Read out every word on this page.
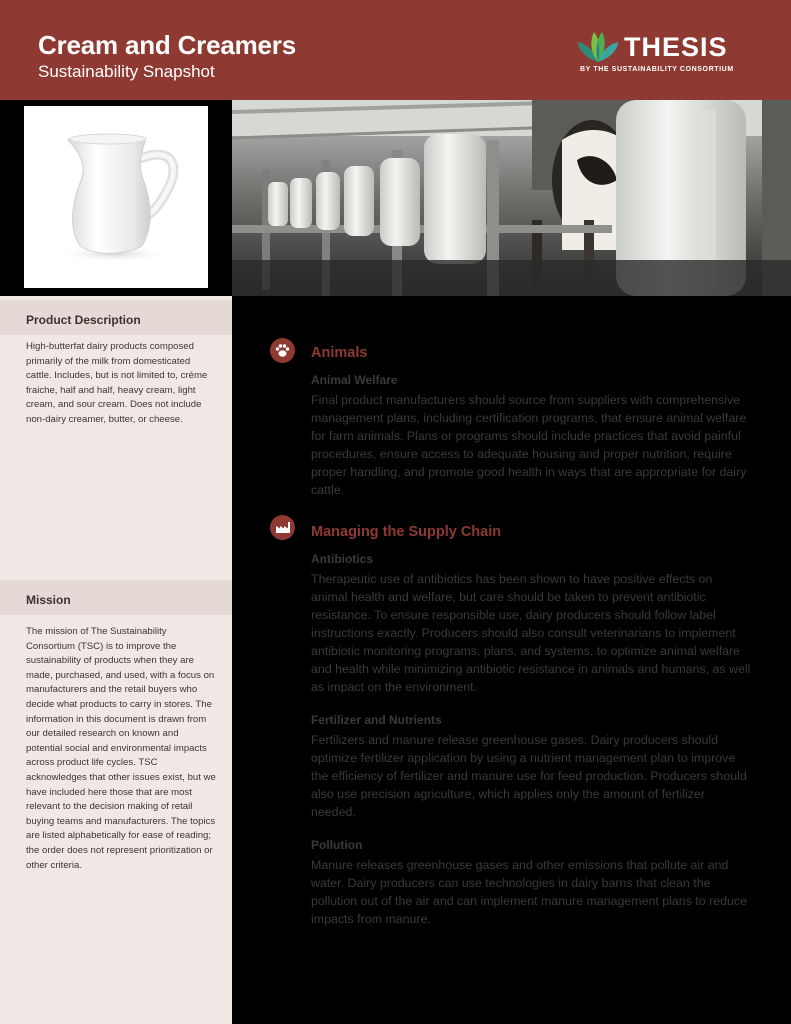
Cream and Creamers
Sustainability Snapshot
THESIS
BY THE SUSTAINABILITY CONSORTIUM
Product Description
High-butterfat dairy products composed primarily of the milk from domesticated cattle. Includes, but is not limited to, crème fraiche, half and half, heavy cream, light cream, and sour cream. Does not include non-dairy creamer, butter, or cheese.
Mission
The mission of The Sustainability Consortium (TSC) is to improve the sustainability of products when they are made, purchased, and used, with a focus on manufacturers and the retail buyers who decide what products to carry in stores. The information in this document is drawn from our detailed research on known and potential social and environmental impacts across product life cycles. TSC acknowledges that other issues exist, but we have included here those that are most relevant to the decision making of retail buying teams and manufacturers. The topics are listed alphabetically for ease of reading; the order does not represent prioritization or other criteria.
Animals
Animal Welfare
Final product manufacturers should source from suppliers with comprehensive management plans, including certification programs, that ensure animal welfare for farm animals. Plans or programs should include practices that avoid painful procedures, ensure access to adequate housing and proper nutrition, require proper handling, and promote good health in ways that are appropriate for dairy cattle.
Managing the Supply Chain
Antibiotics
Therapeutic use of antibiotics has been shown to have positive effects on animal health and welfare, but care should be taken to prevent antibiotic resistance. To ensure responsible use, dairy producers should follow label instructions exactly. Producers should also consult veterinarians to implement antibiotic monitoring programs, plans, and systems, to optimize animal welfare and health while minimizing antibiotic resistance in animals and humans, as well as impact on the environment.
Fertilizer and Nutrients
Fertilizers and manure release greenhouse gases. Dairy producers should optimize fertilizer application by using a nutrient management plan to improve the efficiency of fertilizer and manure use for feed production. Producers should also use precision agriculture, which applies only the amount of fertilizer needed.
Pollution
Manure releases greenhouse gases and other emissions that pollute air and water. Dairy producers can use technologies in dairy barns that clean the pollution out of the air and can implement manure management plans to reduce impacts from manure.
